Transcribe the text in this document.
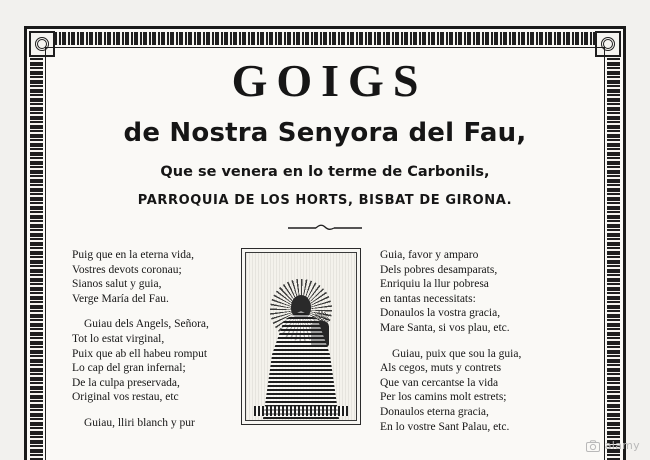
GOIGS
de Nostra Senyora del Fau,
Que se venera en lo terme de Carbonils,
PARROQUIA DE LOS HORTS, BISBAT DE GIRONA.
Puig que en la eterna vida,
Vostres devots coronau;
Sianos salut y guia,
Verge María del Fau.
Guiau dels Angels, Señora,
Tot lo estat virginal,
Puix que ab ell habeu romput
Lo cap del gran infernal;
De la culpa preservada,
Original vos restau, etc
Guiau, lliri blanch y pur
Guia, favor y amparo
Dels pobres desamparats,
Enriquiu la llur pobresa
en tantas necessitats:
Donaulos la vostra gracia,
Mare Santa, si vos plau, etc.
Guiau, puix que sou la guia,
Als cegos, muts y contrets
Que van cercantse la vida
Per los camins molt estrets;
Donaulos eterna gracia,
En lo vostre Sant Palau, etc.
alamy
